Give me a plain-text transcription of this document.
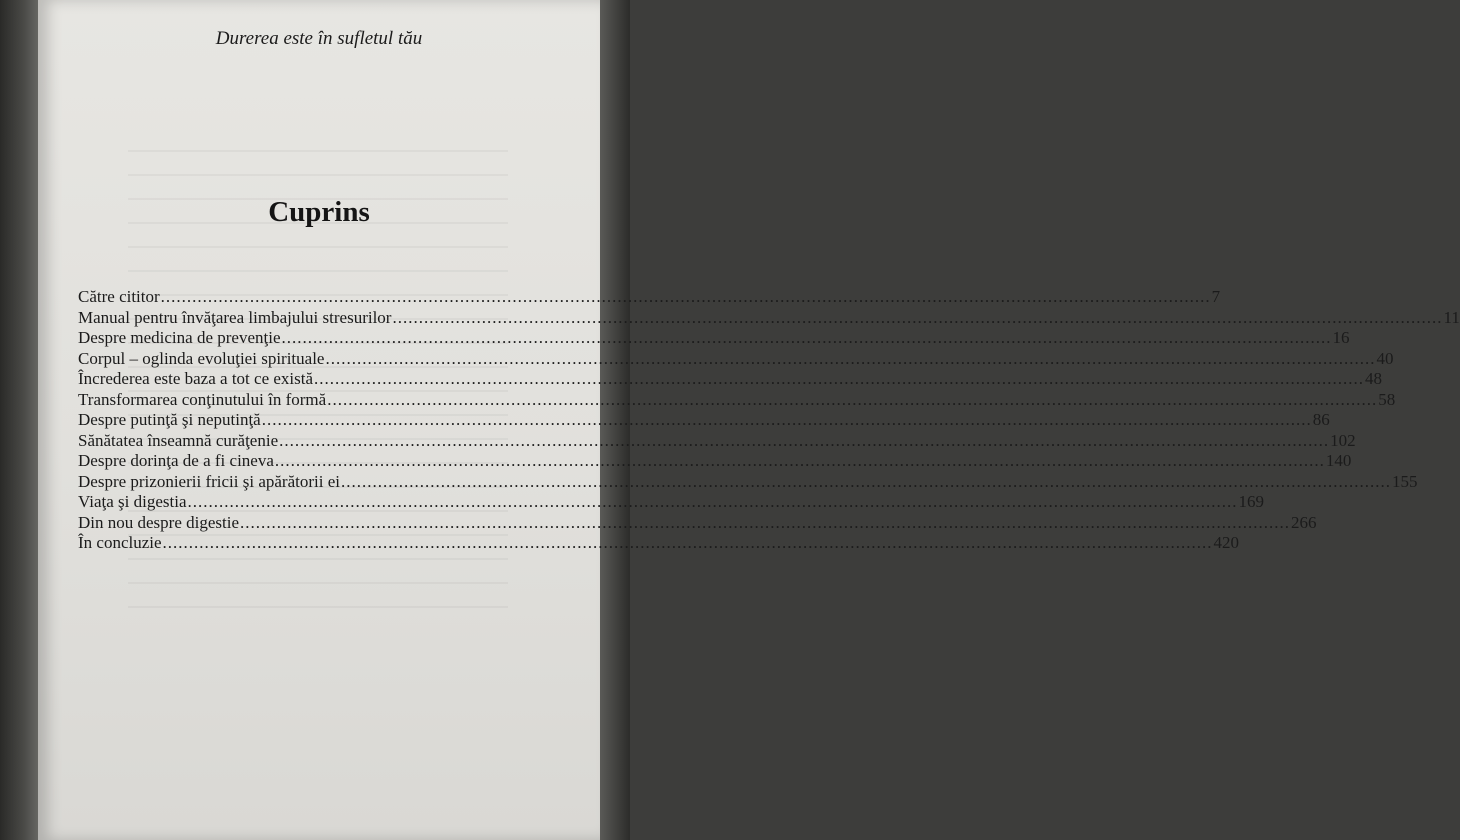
Durerea este în sufletul tău
Cuprins
Către cititor ........................................................................................................................................................................................................ 7
Manual pentru învăţarea limbajului stresurilor ........................................................................................................................................................................................................ 11
Despre medicina de prevenţie ........................................................................................................................................................................................................ 16
Corpul – oglinda evoluţiei spirituale ........................................................................................................................................................................................................ 40
Încrederea este baza a tot ce există ........................................................................................................................................................................................................ 48
Transformarea conţinutului în formă ........................................................................................................................................................................................................ 58
Despre putinţă şi neputinţă ........................................................................................................................................................................................................ 86
Sănătatea înseamnă curăţenie ........................................................................................................................................................................................................ 102
Despre dorinţa de a fi cineva ........................................................................................................................................................................................................ 140
Despre prizonierii fricii şi apărătorii ei ........................................................................................................................................................................................................ 155
Viaţa şi digestia ........................................................................................................................................................................................................ 169
Din nou despre digestie ........................................................................................................................................................................................................ 266
În concluzie ........................................................................................................................................................................................................ 420
